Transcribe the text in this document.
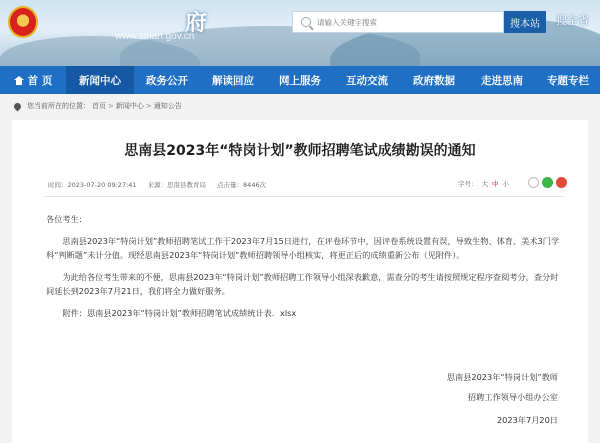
府
www.sinan.gov.cn
请输入关键字搜索
搜本站	搜全省
首 页	新闻中心	政务公开	解读回应	网上服务	互动交流	政府数据	走进思南	专题专栏
您当前所在的位置： 首页 > 新闻中心 > 通知公告
思南县2023年“特岗计划”教师招聘笔试成绩勘误的通知
时间：2023-07-20 09:27:41 来源：思南县教育局 点击量：8446次	字号： 大 中 小

各位考生：

思南县2023年“特岗计划”教师招聘笔试工作于2023年7月15日进行，在评卷环节中，因评卷系统设置有误，导致生物、体育、美术3门学科“判断题”未计分值。现经思南县2023年“特岗计划”教师招聘领导小组核实，将更正后的成绩重新公布（见附件）。

为此给各位考生带来的不便，思南县2023年“特岗计划”教师招聘工作领导小组深表歉意，需查分的考生请按照规定程序查阅考分，查分时间延长到2023年7月21日，我们将全力做好服务。

附件：思南县2023年“特岗计划”教师招聘笔试成绩统计表．xlsx

思南县2023年“特岗计划”教师
招聘工作领导小组办公室
2023年7月20日
